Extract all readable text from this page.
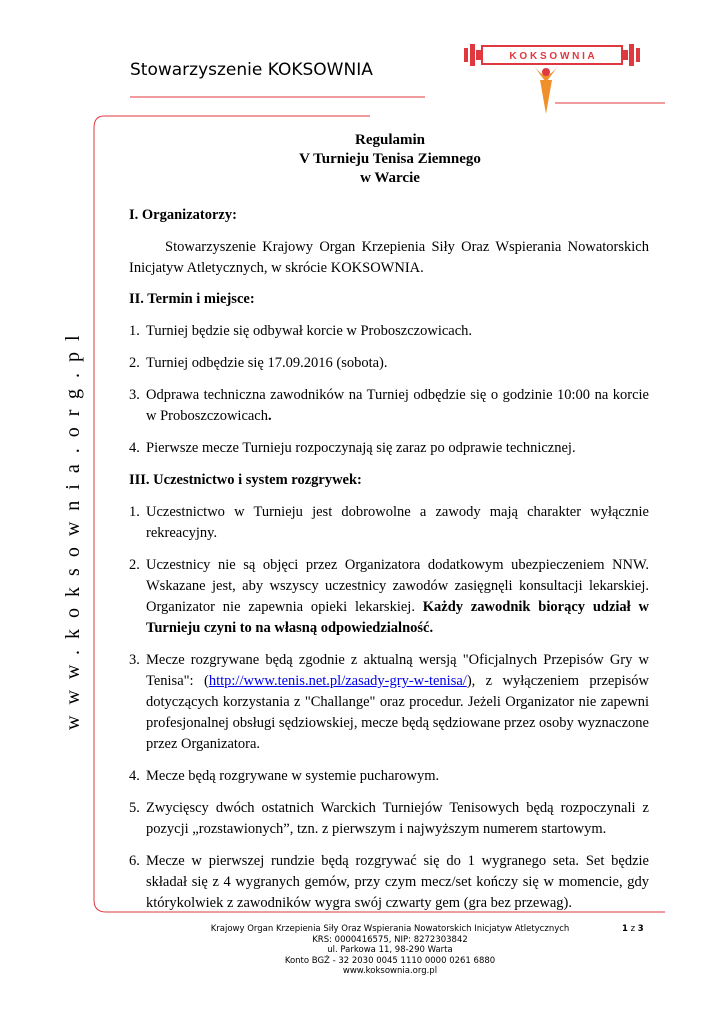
Stowarzyszenie KOKSOWNIA
K O K S O W N I A
www.koksownia.org.pl
Regulamin
V Turnieju Tenisa Ziemnego
w Warcie

I. Organizatorzy:

Stowarzyszenie Krajowy Organ Krzepienia Siły Oraz Wspierania Nowatorskich Inicjatyw Atletycznych, w skrócie KOKSOWNIA.

II. Termin i miejsce:

1. Turniej będzie się odbywał korcie w Proboszczowicach.
2. Turniej odbędzie się 17.09.2016 (sobota).
3. Odprawa techniczna zawodników na Turniej odbędzie się o godzinie 10:00 na korcie w Proboszczowicach.
4. Pierwsze mecze Turnieju rozpoczynają się zaraz po odprawie technicznej.

III. Uczestnictwo i system rozgrywek:

1. Uczestnictwo w Turnieju jest dobrowolne a zawody mają charakter wyłącznie rekreacyjny.
2. Uczestnicy nie są objęci przez Organizatora dodatkowym ubezpieczeniem NNW. Wskazane jest, aby wszyscy uczestnicy zawodów zasięgnęli konsultacji lekarskiej. Organizator nie zapewnia opieki lekarskiej. Każdy zawodnik biorący udział w Turnieju czyni to na własną odpowiedzialność.
3. Mecze rozgrywane będą zgodnie z aktualną wersją "Oficjalnych Przepisów Gry w Tenisa": (http://www.tenis.net.pl/zasady-gry-w-tenisa/), z wyłączeniem przepisów dotyczących korzystania z "Challange" oraz procedur. Jeżeli Organizator nie zapewni profesjonalnej obsługi sędziowskiej, mecze będą sędziowane przez osoby wyznaczone przez Organizatora.
4. Mecze będą rozgrywane w systemie pucharowym.
5. Zwycięscy dwóch ostatnich Warckich Turniejów Tenisowych będą rozpoczynali z pozycji „rozstawionych”, tzn. z pierwszym i najwyższym numerem startowym.
6. Mecze w pierwszej rundzie będą rozgrywać się do 1 wygranego seta. Set będzie składał się z 4 wygranych gemów, przy czym mecz/set kończy się w momencie, gdy którykolwiek z zawodników wygra swój czwarty gem (gra bez przewag).
Krajowy Organ Krzepienia Siły Oraz Wspierania Nowatorskich Inicjatyw Atletycznych
KRS: 0000416575, NIP: 8272303842
ul. Parkowa 11, 98-290 Warta
Konto BGŻ - 32 2030 0045 1110 0000 0261 6880
www.koksownia.org.pl
1 z 3
